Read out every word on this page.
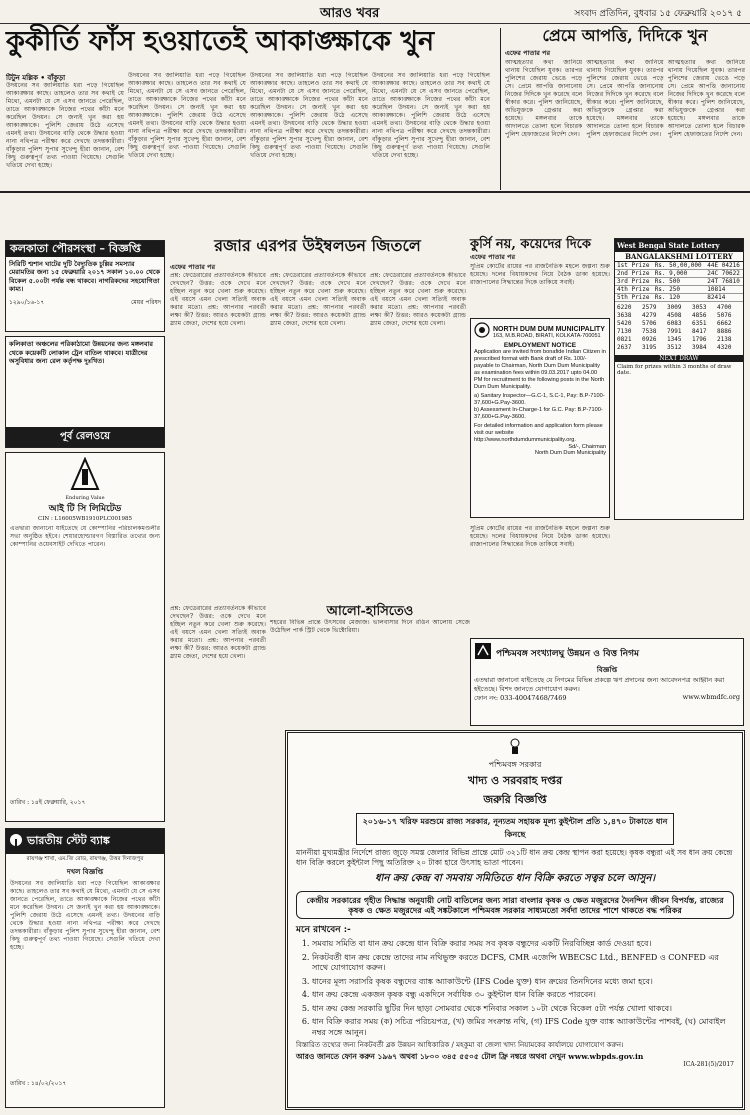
আরও খবর	সংবাদ প্রতিদিন, বুধবার ১৫ ফেব্রুয়ারি ২০১৭ ৫
কুকীর্তি ফাঁস হওয়াতেই আকাঙ্ক্ষাকে খুন
টিটুন মল্লিক • বাঁকুড়া
উদয়নের সব জালিয়াতি ধরা পড়ে গিয়েছিল আকাঙ্ক্ষার কাছে। তাহলেও তার সব কথাই যে মিথ্যে, এমনটা যে সে এসব জানতে পেরেছিল, তাতে আকাঙ্ক্ষাকে নিজের পথের কাঁটা মনে করেছিল উদয়ন। সে জন্যই খুন করা হয় আকাঙ্ক্ষাকে। পুলিশি জেরায় উঠে এসেছে এমনই তথ্য। উদয়নের বাড়ি থেকে উদ্ধার হওয়া নানা নথিপত্র পরীক্ষা করে দেখছে তদন্তকারীরা। বাঁকুড়ার পুলিশ সুপার সুখেন্দু হীরা জানান, বেশ কিছু গুরুত্বপূর্ণ তথ্য পাওয়া গিয়েছে। সেগুলি খতিয়ে দেখা হচ্ছে।
উদয়নের সব জালিয়াতি ধরা পড়ে গিয়েছিল আকাঙ্ক্ষার কাছে। তাহলেও তার সব কথাই যে মিথ্যে, এমনটা যে সে এসব জানতে পেরেছিল, তাতে আকাঙ্ক্ষাকে নিজের পথের কাঁটা মনে করেছিল উদয়ন। সে জন্যই খুন করা হয় আকাঙ্ক্ষাকে। পুলিশি জেরায় উঠে এসেছে এমনই তথ্য। উদয়নের বাড়ি থেকে উদ্ধার হওয়া নানা নথিপত্র পরীক্ষা করে দেখছে তদন্তকারীরা। বাঁকুড়ার পুলিশ সুপার সুখেন্দু হীরা জানান, বেশ কিছু গুরুত্বপূর্ণ তথ্য পাওয়া গিয়েছে। সেগুলি খতিয়ে দেখা হচ্ছে।
উদয়নের সব জালিয়াতি ধরা পড়ে গিয়েছিল আকাঙ্ক্ষার কাছে। তাহলেও তার সব কথাই যে মিথ্যে, এমনটা যে সে এসব জানতে পেরেছিল, তাতে আকাঙ্ক্ষাকে নিজের পথের কাঁটা মনে করেছিল উদয়ন। সে জন্যই খুন করা হয় আকাঙ্ক্ষাকে। পুলিশি জেরায় উঠে এসেছে এমনই তথ্য। উদয়নের বাড়ি থেকে উদ্ধার হওয়া নানা নথিপত্র পরীক্ষা করে দেখছে তদন্তকারীরা। বাঁকুড়ার পুলিশ সুপার সুখেন্দু হীরা জানান, বেশ কিছু গুরুত্বপূর্ণ তথ্য পাওয়া গিয়েছে। সেগুলি খতিয়ে দেখা হচ্ছে।
উদয়নের সব জালিয়াতি ধরা পড়ে গিয়েছিল আকাঙ্ক্ষার কাছে। তাহলেও তার সব কথাই যে মিথ্যে, এমনটা যে সে এসব জানতে পেরেছিল, তাতে আকাঙ্ক্ষাকে নিজের পথের কাঁটা মনে করেছিল উদয়ন। সে জন্যই খুন করা হয় আকাঙ্ক্ষাকে। পুলিশি জেরায় উঠে এসেছে এমনই তথ্য। উদয়নের বাড়ি থেকে উদ্ধার হওয়া নানা নথিপত্র পরীক্ষা করে দেখছে তদন্তকারীরা। বাঁকুড়ার পুলিশ সুপার সুখেন্দু হীরা জানান, বেশ কিছু গুরুত্বপূর্ণ তথ্য পাওয়া গিয়েছে। সেগুলি খতিয়ে দেখা হচ্ছে।
প্রেমে আপত্তি, দিদিকে খুন
এফের পাতার পর
আত্মহত্যার কথা জানিয়ে থানায় গিয়েছিল যুবক। তারপর পুলিশের জেরায় ভেঙে পড়ে সে। প্রেমে আপত্তি জানানোয় নিজের দিদিকে খুন করেছে বলে স্বীকার করে। পুলিশ জানিয়েছে, অভিযুক্তকে গ্রেপ্তার করা হয়েছে। মঙ্গলবার তাকে আদালতে তোলা হলে বিচারক পুলিশ হেফাজতের নির্দেশ দেন।
আত্মহত্যার কথা জানিয়ে থানায় গিয়েছিল যুবক। তারপর পুলিশের জেরায় ভেঙে পড়ে সে। প্রেমে আপত্তি জানানোয় নিজের দিদিকে খুন করেছে বলে স্বীকার করে। পুলিশ জানিয়েছে, অভিযুক্তকে গ্রেপ্তার করা হয়েছে। মঙ্গলবার তাকে আদালতে তোলা হলে বিচারক পুলিশ হেফাজতের নির্দেশ দেন।
আত্মহত্যার কথা জানিয়ে থানায় গিয়েছিল যুবক। তারপর পুলিশের জেরায় ভেঙে পড়ে সে। প্রেমে আপত্তি জানানোয় নিজের দিদিকে খুন করেছে বলে স্বীকার করে। পুলিশ জানিয়েছে, অভিযুক্তকে গ্রেপ্তার করা হয়েছে। মঙ্গলবার তাকে আদালতে তোলা হলে বিচারক পুলিশ হেফাজতের নির্দেশ দেন।
কলকাতা পৌরসংস্থা – বিজ্ঞপ্তি
সিরিটি শ্মশান ঘাটের দুটি বৈদ্যুতিক চুল্লির সমস্যার মেরামতির জন্য ১৫ ফেব্রুয়ারি ২০১৭ সকাল ১০.০০ থেকে বিকেল ৫.০০টা পর্যন্ত বন্ধ থাকবে। নাগরিকদের সহযোগিতা কাম্য।
১২৯০/১৬-১৭	মেয়র পরিষদ
কলিকাতা অঞ্চলের পরিকাঠামো উন্নয়নের জন্য মঙ্গলবার থেকে কয়েকটি লোকাল ট্রেন বাতিল থাকবে। যাত্রীদের অসুবিধার জন্য রেল কর্তৃপক্ষ দুঃখিত।
পূর্ব রেলওয়ে
Enduring Value
আই টি সি লিমিটেড
CIN : L16005WB1910PLC001985
এতদ্বারা জানানো যাইতেছে যে কোম্পানির পরিচালকমণ্ডলীর সভা অনুষ্ঠিত হইবে। শেয়ারহোল্ডারগণ বিস্তারিত তথ্যের জন্য কোম্পানির ওয়েবসাইট দেখিতে পারেন।
তারিখ : ১৪ই ফেব্রুয়ারি, ২০১৭
ভারতীয় স্টেট ব্যাঙ্ক
রায়গঞ্জ শাখা, এম.জি রোড, রায়গঞ্জ, উত্তর দিনাজপুর
দখল বিজ্ঞপ্তি
উদয়নের সব জালিয়াতি ধরা পড়ে গিয়েছিল আকাঙ্ক্ষার কাছে। তাহলেও তার সব কথাই যে মিথ্যে, এমনটা যে সে এসব জানতে পেরেছিল, তাতে আকাঙ্ক্ষাকে নিজের পথের কাঁটা মনে করেছিল উদয়ন। সে জন্যই খুন করা হয় আকাঙ্ক্ষাকে। পুলিশি জেরায় উঠে এসেছে এমনই তথ্য। উদয়নের বাড়ি থেকে উদ্ধার হওয়া নানা নথিপত্র পরীক্ষা করে দেখছে তদন্তকারীরা। বাঁকুড়ার পুলিশ সুপার সুখেন্দু হীরা জানান, বেশ কিছু গুরুত্বপূর্ণ তথ্য পাওয়া গিয়েছে। সেগুলি খতিয়ে দেখা হচ্ছে।
তারিখ : ১৪/০২/২০১৭
রজার এরপর উইম্বলডন জিতলে
এফের পাতার পর
প্রশ্ন: ফেডেরারের প্রত্যাবর্তনকে কীভাবে দেখছেন? উত্তর: ওকে দেখে মনে হচ্ছিল নতুন করে খেলা শুরু করেছে। এই বয়সে এমন খেলা সত্যিই অবাক করার মতো। প্রশ্ন: আপনার পরবর্তী লক্ষ্য কী? উত্তর: আরও কয়েকটা গ্র্যান্ড স্ল্যাম জেতা, দেশের হয়ে খেলা।
প্রশ্ন: ফেডেরারের প্রত্যাবর্তনকে কীভাবে দেখছেন? উত্তর: ওকে দেখে মনে হচ্ছিল নতুন করে খেলা শুরু করেছে। এই বয়সে এমন খেলা সত্যিই অবাক করার মতো। প্রশ্ন: আপনার পরবর্তী লক্ষ্য কী? উত্তর: আরও কয়েকটা গ্র্যান্ড স্ল্যাম জেতা, দেশের হয়ে খেলা।
প্রশ্ন: ফেডেরারের প্রত্যাবর্তনকে কীভাবে দেখছেন? উত্তর: ওকে দেখে মনে হচ্ছিল নতুন করে খেলা শুরু করেছে। এই বয়সে এমন খেলা সত্যিই অবাক করার মতো। প্রশ্ন: আপনার পরবর্তী লক্ষ্য কী? উত্তর: আরও কয়েকটা গ্র্যান্ড স্ল্যাম জেতা, দেশের হয়ে খেলা।
কুর্সি নয়, কয়েদের দিকে
এফের পাতার পর
সুপ্রিম কোর্টের রায়ের পর রাজনৈতিক মহলে জল্পনা শুরু হয়েছে। দলের বিধায়কদের নিয়ে বৈঠক ডাকা হয়েছে। রাজ্যপালের সিদ্ধান্তের দিকে তাকিয়ে সবাই।
West Bengal State Lottery
BANGALAKSHMI LOTTERY
1st Prize	Rs. 50,00,000	44E 04216
2nd Prize	Rs. 9,000	24C 70622
3rd Prize	Rs. 500	24T 76810
4th Prize	Rs. 250	10814
5th Prize	Rs. 120	82414
6220	2579	3009	3053	4700
3638	4279	4508	4856	5076
5420	5706	6083	6351	6662
7130	7538	7991	8417	8886
0821	0926	1345	1796	2138
2637	3195	3512	3984	4320
NEXT DRAW
Claim for prizes within 3 months of draw date.
NORTH DUM DUM MUNICIPALITY
163, M.B.ROAD, BIRATI, KOLKATA-700051
EMPLOYMENT NOTICE
Application are invited from bonafide Indian Citizen in prescribed format with Bank draft of Rs. 100/- payable to Chairman, North Dum Dum Municipality as examination fees within 09.03.2017 upto 04.00 PM for recruitment to the following posts in the North Dum Dum Municipality.
a) Sanitary Inspector—G.C-1, S.C-1, Pay: B.P-7100-37,600+G.Pay-3600.
b) Assessment In-Charge-1 for G.C. Pay: B.P-7100-37,600+G.Pay-3600.
For detailed information and application form please visit our website http://www.northdumdummunicipality.org.
Sd/-, Chairman
North Dum Dum Municipality
আলো-হাসিতেও
শহরের বিভিন্ন প্রান্তে উৎসবের মেজাজ। ভালবাসার দিনে রঙিন আলোয় সেজে উঠেছিল পার্ক স্ট্রিট থেকে ভিক্টোরিয়া।
প্রশ্ন: ফেডেরারের প্রত্যাবর্তনকে কীভাবে দেখছেন? উত্তর: ওকে দেখে মনে হচ্ছিল নতুন করে খেলা শুরু করেছে। এই বয়সে এমন খেলা সত্যিই অবাক করার মতো। প্রশ্ন: আপনার পরবর্তী লক্ষ্য কী? উত্তর: আরও কয়েকটা গ্র্যান্ড স্ল্যাম জেতা, দেশের হয়ে খেলা।
সুপ্রিম কোর্টের রায়ের পর রাজনৈতিক মহলে জল্পনা শুরু হয়েছে। দলের বিধায়কদের নিয়ে বৈঠক ডাকা হয়েছে। রাজ্যপালের সিদ্ধান্তের দিকে তাকিয়ে সবাই।
পশ্চিমবঙ্গ সংখ্যালঘু উন্নয়ন ও বিত্ত নিগম
বিজ্ঞপ্তি
এতদ্বারা জানানো যাইতেছে যে নিগমের বিভিন্ন প্রকল্পে ঋণ প্রদানের জন্য আবেদনপত্র আহ্বান করা হইতেছে। বিশদ জানতে যোগাযোগ করুন।
ফোন নং: 033-40047468/7469	www.wbmdfc.org
পশ্চিমবঙ্গ সরকার
খাদ্য ও সরবরাহ দপ্তর
জরুরি বিজ্ঞপ্তি
২০১৬-১৭ খরিফ মরশুমে রাজ্য সরকার, নূন্যতম সহায়ক মূল্য কুইন্টাল প্রতি ১,৪৭০ টাকাতে ধান কিনছে
মাননীয়া মুখ্যমন্ত্রীর নির্দেশে রাজ্য জুড়ে সমস্ত জেলার বিভিন্ন প্রান্তে মোট ৩২১টি ধান ক্রয় কেন্দ্র স্থাপন করা হয়েছে। কৃষক বন্ধুরা এই সব ধান ক্রয় কেন্দ্রে ধান বিক্রি করলে কুইন্টাল পিছু অতিরিক্ত ২০ টাকা হারে উৎসাহ ভাতা পাবেন।
ধান ক্রয় কেন্দ্র বা সমবায় সমিতিতে ধান বিক্রি করতে সত্বর চলে আসুন।
কেন্দ্রীয় সরকারের গৃহীত সিদ্ধান্ত অনুযায়ী নোট বাতিলের জন্য সারা বাংলার কৃষক ও ক্ষেত মজুরদের দৈনন্দিন জীবন বিপর্যস্ত, রাজ্যের কৃষক ও ক্ষেত মজুরদের এই সঙ্কটকালে পশ্চিমবঙ্গ সরকার সাধ্যমতো সর্বদা তাদের পাশে থাকতে বদ্ধ পরিকর
মনে রাখবেন :-
1. সমবায় সমিতি বা ধান ক্রয় কেন্দ্রে ধান বিক্রি করার সময় সব কৃষক বন্ধুদের একটি নিরবিচ্ছিন্ন কার্ড দেওয়া হবে।
2. নিকটবর্তী ধান ক্রয় কেন্দ্রে তাদের নাম নথিভুক্ত করতে DCFS, CMR এজেন্সি WBECSC Ltd., BENFED ও CONFED এর সাথে যোগাযোগ করুন।
3. ধানের মূল্য সরাসরি কৃষক বন্ধুদের ব্যাঙ্ক অ্যাকাউন্টে (IFS Code যুক্ত) ধান ক্রয়ের তিনদিনের মধ্যে জমা হবে।
4. ধান ক্রয় কেন্দ্রে একজন কৃষক বন্ধু একদিনে সর্বাধিক ৩০ কুইন্টাল ধান বিক্রি করতে পারবেন।
5. ধান ক্রয় কেন্দ্র সরকারি ছুটির দিন ছাড়া সোমবার থেকে শনিবার সকাল ১০টা থেকে বিকেল ৫টা পর্যন্ত খোলা থাকবে।
6. ধান বিক্রি করার সময় (ক) সচিত্র পরিচয়পত্র, (খ) জমির সংক্রান্ত নথি, (গ) IFS Code যুক্ত ব্যাঙ্ক অ্যাকাউন্টের পাশবই, (ঘ) মোবাইল নম্বর সঙ্গে আনুন।
বিস্তারিত তথ্যের জন্য নিকটবর্তী ব্লক উন্নয়ন আধিকারিক / মহকুমা বা জেলা খাদ্য নিয়ামকের কার্যালয়ে যোগাযোগ করুন।
আরও জানতে ফোন করুন ১৯৬৭ অথবা ১৮০০ ৩৪৫ ৫৫০৫ টোল ফ্রি নম্বরে অথবা দেখুন www.wbpds.gov.in
ICA-281(5)/2017
